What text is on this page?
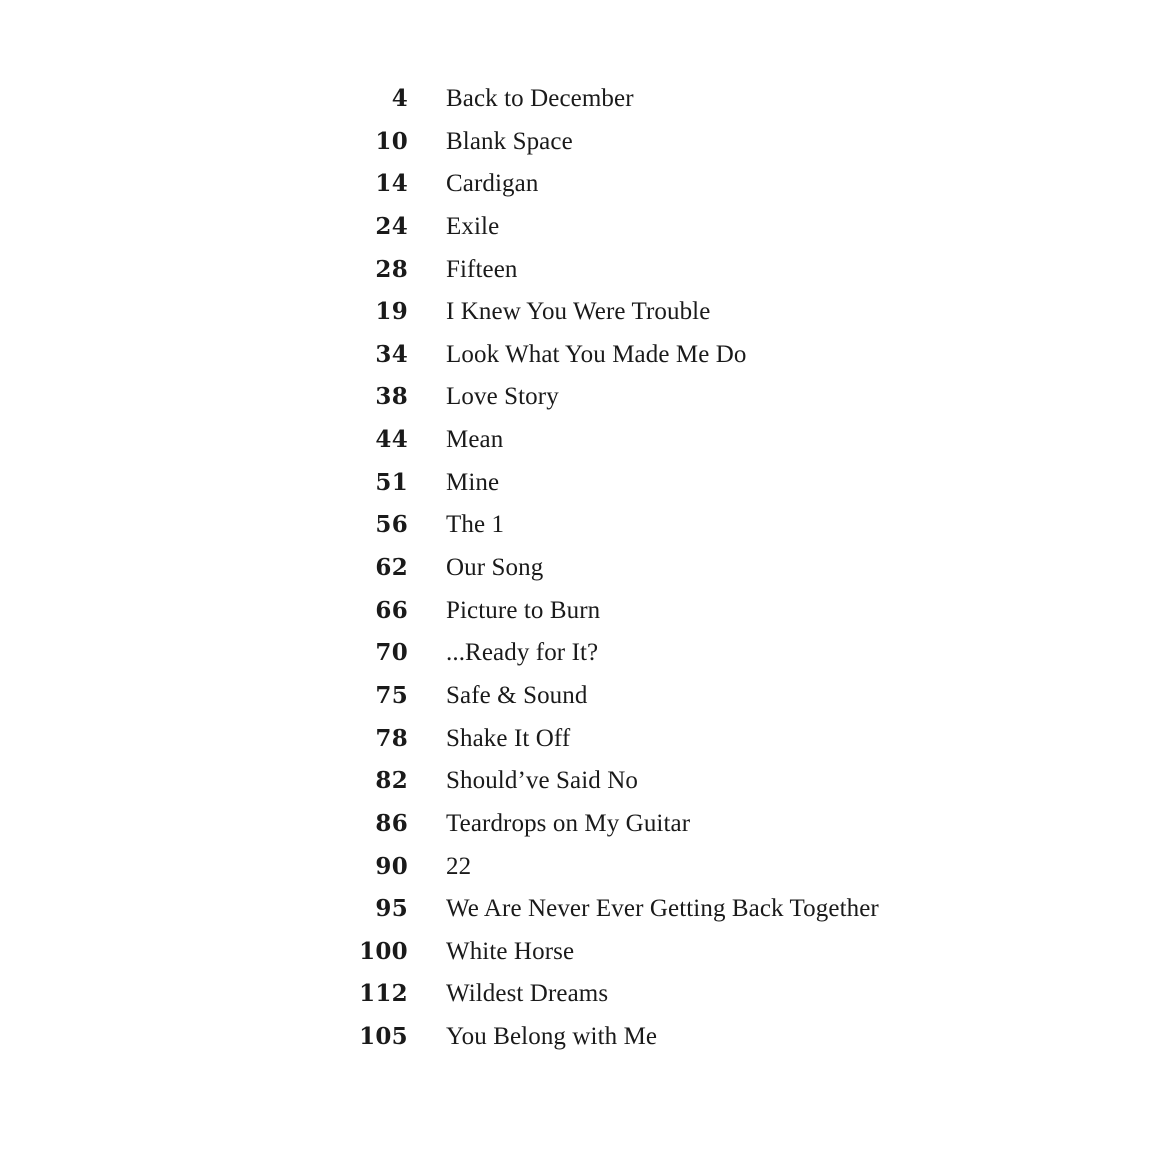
4 Back to December
10 Blank Space
14 Cardigan
24 Exile
28 Fifteen
19 I Knew You Were Trouble
34 Look What You Made Me Do
38 Love Story
44 Mean
51 Mine
56 The 1
62 Our Song
66 Picture to Burn
70 ...Ready for It?
75 Safe & Sound
78 Shake It Off
82 Should’ve Said No
86 Teardrops on My Guitar
90 22
95 We Are Never Ever Getting Back Together
100 White Horse
112 Wildest Dreams
105 You Belong with Me
